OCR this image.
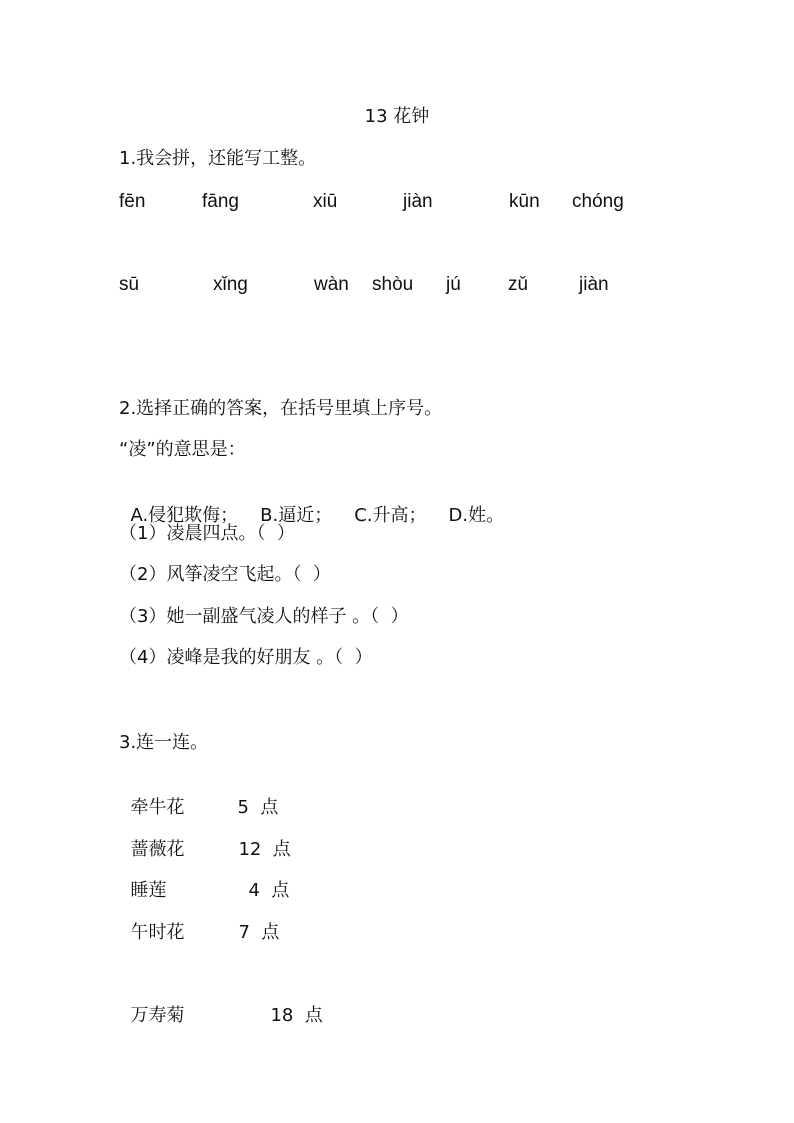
13 花钟
1.我会拼，还能写工整。
fēn	fāng	xiū	jiàn	kūn chóng
sū	xǐng	wàn shòu jú zǔ	jiàn
2.选择正确的答案，在括号里填上序号。
“凌”的意思是：

A.侵犯欺侮； B.逼近； C.升高； D.姓。

（1）凌晨四点。（  ）
（2）风筝凌空飞起。（  ）
（3）她一副盛气凌人的样子 。（  ）
（4）凌峰是我的好朋友 。（  ）
3.连一连。

牵牛花	5  点

蔷薇花	12  点

睡莲	4  点

午时花	7  点

万寿菊	18  点
